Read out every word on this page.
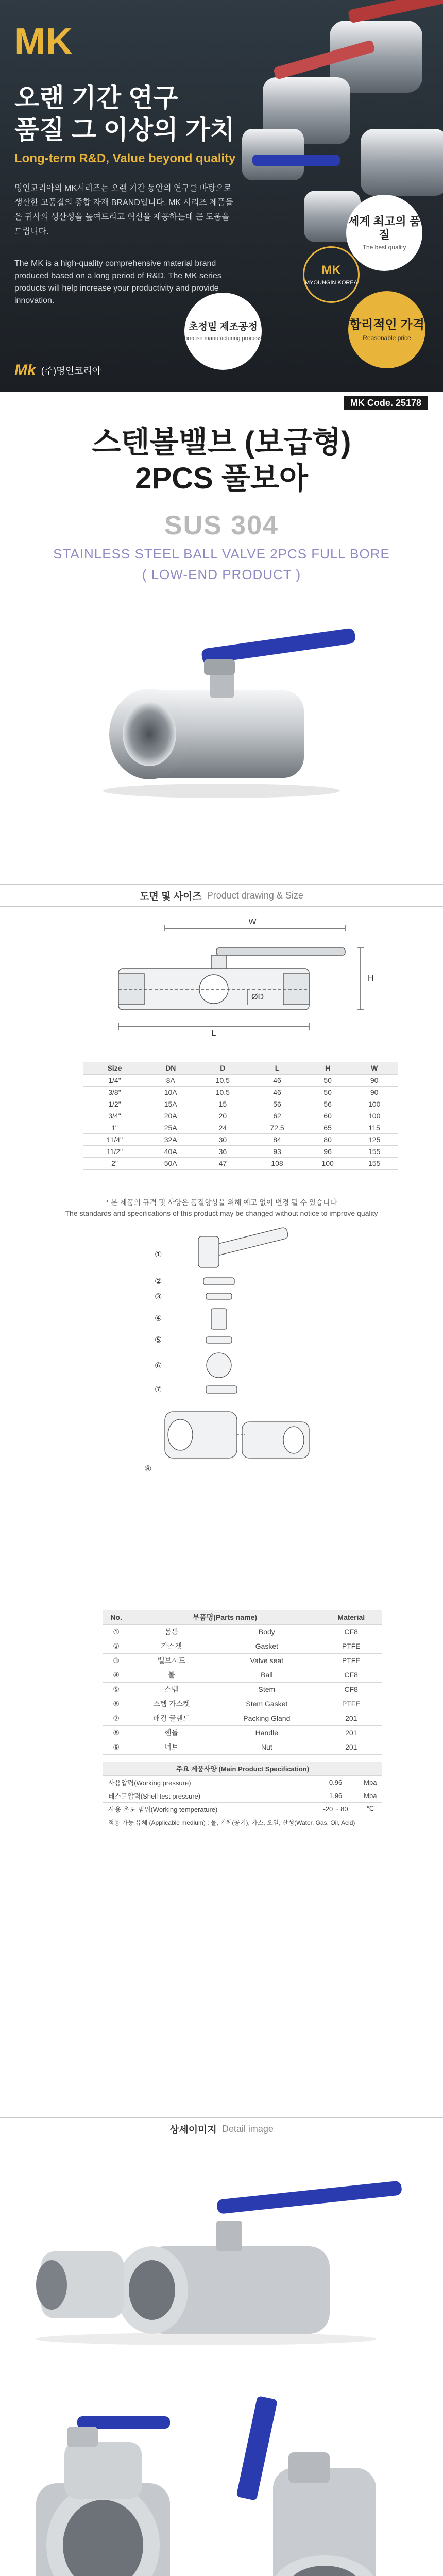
MK
오랜 기간 연구
품질 그 이상의 가치
Long-term R&D, Value beyond quality
명인코리아의 MK시리즈는 오랜 기간 동안의 연구를 바탕으로 생산한 고품질의 종합 자재 BRAND입니다. MK 시리즈 제품들은 귀사의 생산성을 높여드리고 혁신을 제공하는데 큰 도움을 드립니다.
The MK is a high-quality comprehensive material brand produced based on a long period of R&D. The MK series products will help increase your productivity and provide innovation.
세계 최고의 품질
The best quality
MK
MYOUNGIN KOREA
초정밀 제조공정
precise manufacturing process
합리적인 가격
Reasonable price
Mk (주)명인코리아
MK Code. 25178
스텐볼밸브 (보급형)
2PCS 풀보아
SUS 304
STAINLESS STEEL BALL VALVE 2PCS FULL BORE
( LOW-END PRODUCT )
도면 및 사이즈 Product drawing & Size
W
H
ØD
L
Size	DN	D	L	H	W
1/4"	8A	10.5	46	50	90
3/8"	10A	10.5	46	50	90
1/2"	15A	15	56	56	100
3/4"	20A	20	62	60	100
1"	25A	24	72.5	65	115
11/4"	32A	30	84	80	125
11/2"	40A	36	93	96	155
2"	50A	47	108	100	155
* 본 제품의 규격 및 사양은 품질향상을 위해 예고 없이 변경 될 수 있습니다
The standards and specifications of this product may be changed without notice to improve quality
①
②
③
④
⑤
⑥
⑦
⑧
No.	부품명(Parts name)		Material
①	몸통	Body	CF8
②	가스켓	Gasket	PTFE
③	밸브시트	Valve seat	PTFE
④	볼	Ball	CF8
⑤	스템	Stem	CF8
⑥	스템 가스켓	Stem Gasket	PTFE
⑦	패킹 글랜드	Packing Gland	201
⑧	핸들	Handle	201
⑨	너트	Nut	201
주요 제품사양 (Main Product Specification)		
사용압력(Working pressure)	0.96	Mpa
테스트압력(Shell test pressure)	1.96	Mpa
사용 온도 범위(Working temperature)	-20 ~ 80	℃
적용 가능 유체 (Applicable medium) : 물, 기체(공기), 가스, 오일, 산성(Water, Gas, Oil, Acid)		
상세이미지 Detail image
